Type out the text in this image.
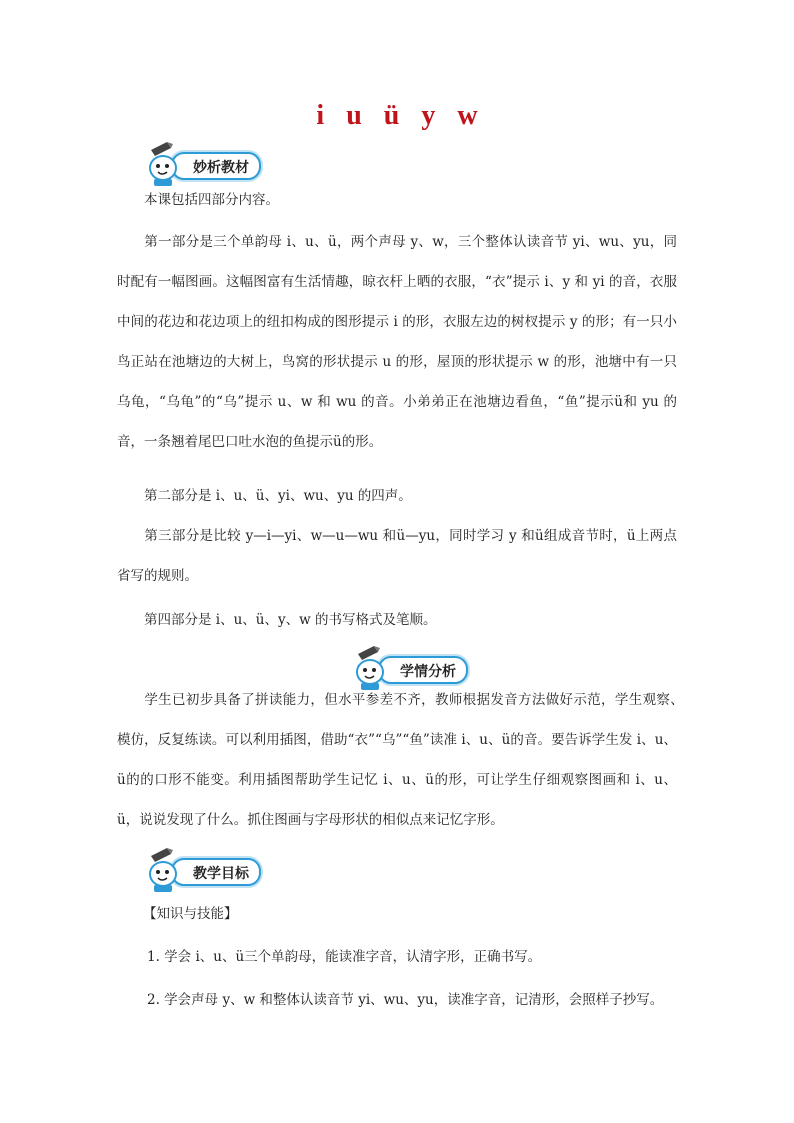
i u ü y w
妙析教材

本课包括四部分内容。

第一部分是三个单韵母 i、u、ü，两个声母 y、w，三个整体认读音节 yi、wu、yu，同时配有一幅图画。这幅图富有生活情趣，晾衣杆上晒的衣服，“衣”提示 i、y 和 yi 的音，衣服中间的花边和花边项上的纽扣构成的图形提示 i 的形，衣服左边的树杈提示 y 的形；有一只小鸟正站在池塘边的大树上，鸟窝的形状提示 u 的形，屋顶的形状提示 w 的形，池塘中有一只乌龟，“乌龟”的“乌”提示 u、w 和 wu 的音。小弟弟正在池塘边看鱼，“鱼”提示ü和 yu 的音，一条翘着尾巴口吐水泡的鱼提示ü的形。

第二部分是 i、u、ü、yi、wu、yu 的四声。

第三部分是比较 y—i—yi、w—u—wu 和ü—yu，同时学习 y 和ü组成音节时，ü上两点省写的规则。

第四部分是 i、u、ü、y、w 的书写格式及笔顺。

学情分析

学生已初步具备了拼读能力，但水平参差不齐，教师根据发音方法做好示范，学生观察、　模仿，反复练读。可以利用插图，借助“衣”“乌”“鱼”读准 i、u、ü的音。要告诉学生发 i、u、ü的的口形不能变。利用插图帮助学生记忆 i、u、ü的形，可让学生仔细观察图画和 i、u、ü，说说发现了什么。抓住图画与字母形状的相似点来记忆字形。

教学目标
【知识与技能】
1. 学会 i、u、ü三个单韵母，能读准字音，认清字形，正确书写。
2. 学会声母 y、w 和整体认读音节 yi、wu、yu，读准字音，记清形，会照样子抄写。
